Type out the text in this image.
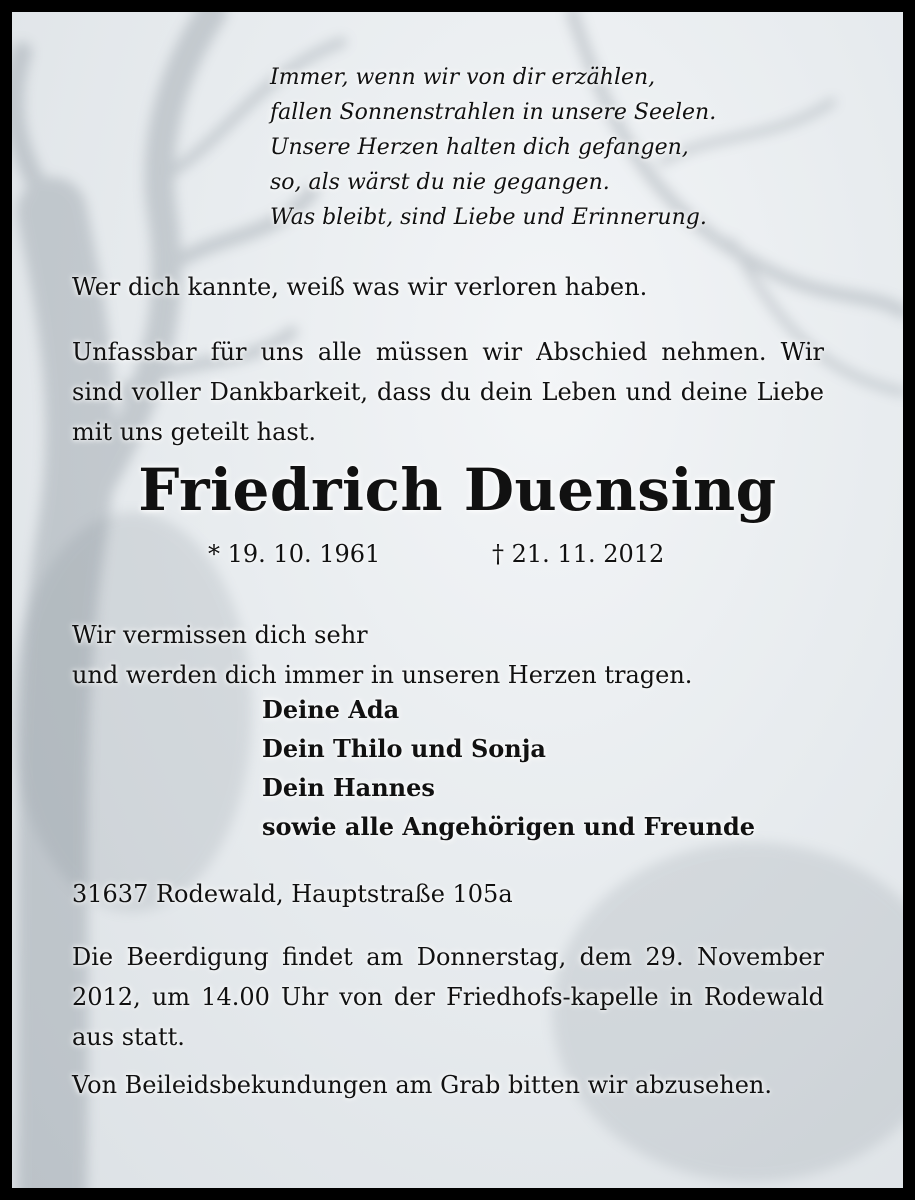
Immer, wenn wir von dir erzählen,
fallen Sonnenstrahlen in unsere Seelen.
Unsere Herzen halten dich gefangen,
so, als wärst du nie gegangen.
Was bleibt, sind Liebe und Erinnerung.
Wer dich kannte, weiß was wir verloren haben.
Unfassbar für uns alle müssen wir Abschied nehmen. Wir sind voller Dankbarkeit, dass du dein Leben und deine Liebe mit uns geteilt hast.
Friedrich Duensing
* 19. 10. 1961	† 21. 11. 2012
Wir vermissen dich sehr
und werden dich immer in unseren Herzen tragen.
Deine Ada
Dein Thilo und Sonja
Dein Hannes
sowie alle Angehörigen und Freunde
31637 Rodewald, Hauptstraße 105a
Die Beerdigung findet am Donnerstag, dem 29. November 2012, um 14.00 Uhr von der Friedhofs-kapelle in Rodewald aus statt.
Von Beileidsbekundungen am Grab bitten wir abzusehen.
